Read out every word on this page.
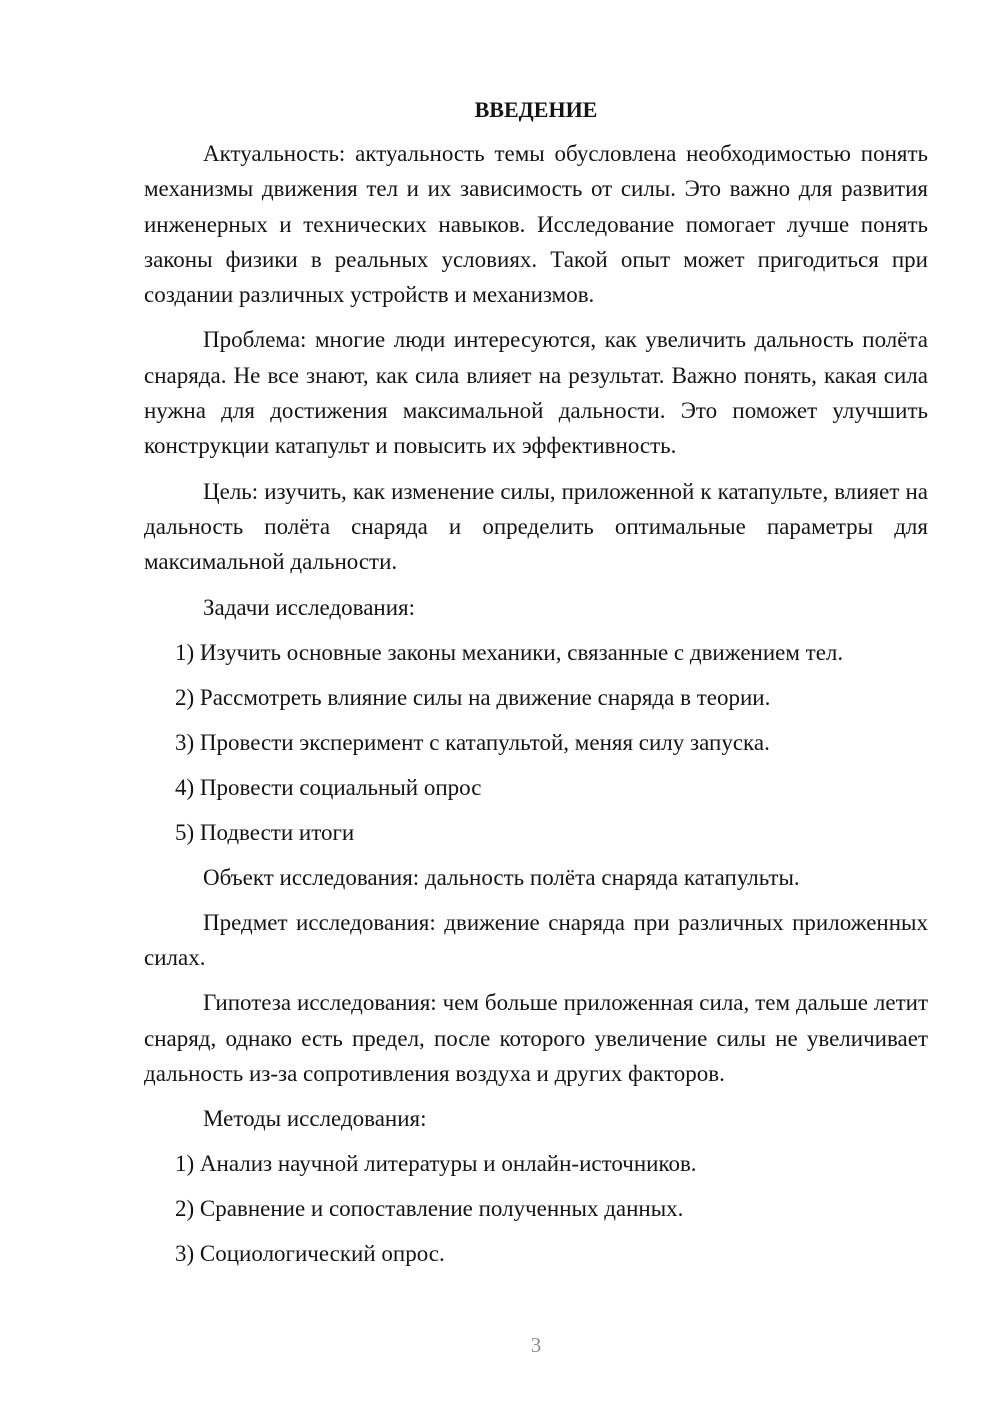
ВВЕДЕНИЕ

Актуальность: актуальность темы обусловлена необходимостью понять механизмы движения тел и их зависимость от силы. Это важно для развития инженерных и технических навыков. Исследование помогает лучше понять законы физики в реальных условиях. Такой опыт может пригодиться при создании различных устройств и механизмов.

Проблема: многие люди интересуются, как увеличить дальность полёта снаряда. Не все знают, как сила влияет на результат. Важно понять, какая сила нужна для достижения максимальной дальности. Это поможет улучшить конструкции катапульт и повысить их эффективность.

Цель: изучить, как изменение силы, приложенной к катапульте, влияет на дальность полёта снаряда и определить оптимальные параметры для максимальной дальности.

Задачи исследования:

1) Изучить основные законы механики, связанные с движением тел.

2) Рассмотреть влияние силы на движение снаряда в теории.

3) Провести эксперимент с катапультой, меняя силу запуска.

4) Провести социальный опрос

5) Подвести итоги

Объект исследования: дальность полёта снаряда катапульты.

Предмет исследования: движение снаряда при различных приложенных силах.

Гипотеза исследования: чем больше приложенная сила, тем дальше летит снаряд, однако есть предел, после которого увеличение силы не увеличивает дальность из-за сопротивления воздуха и других факторов.

Методы исследования:

1) Анализ научной литературы и онлайн-источников.

2) Сравнение и сопоставление полученных данных.

3) Социологический опрос.

3
